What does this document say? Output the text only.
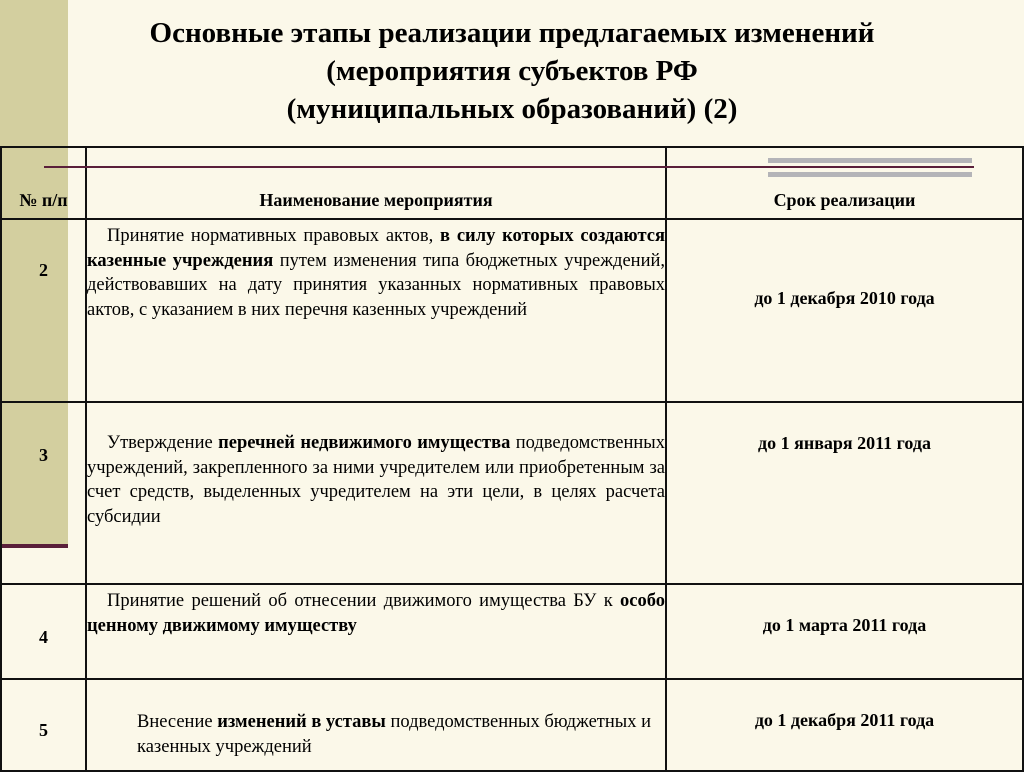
Основные этапы реализации предлагаемых изменений
(мероприятия субъектов РФ
(муниципальных образований) (2)
№ п/п	Наименование мероприятия	Срок реализации

2	Принятие нормативных правовых актов, в силу которых создаются казенные учреждения путем изменения типа бюджетных учреждений, действовавших на дату принятия указанных нормативных правовых актов, с указанием в них перечня казенных учреждений	до 1 декабря 2010 года
3	Утверждение перечней недвижимого имущества подведомственных учреждений, закрепленного за ними учредителем или приобретенным за счет средств, выделенных учредителем на эти цели, в целях расчета субсидии	до 1 января 2011 года
4	Принятие решений об отнесении движимого имущества БУ к особо ценному движимому имуществу	до 1 марта 2011 года
5	Внесение изменений в уставы подведомственных бюджетных и казенных учреждений	до 1 декабря 2011 года
